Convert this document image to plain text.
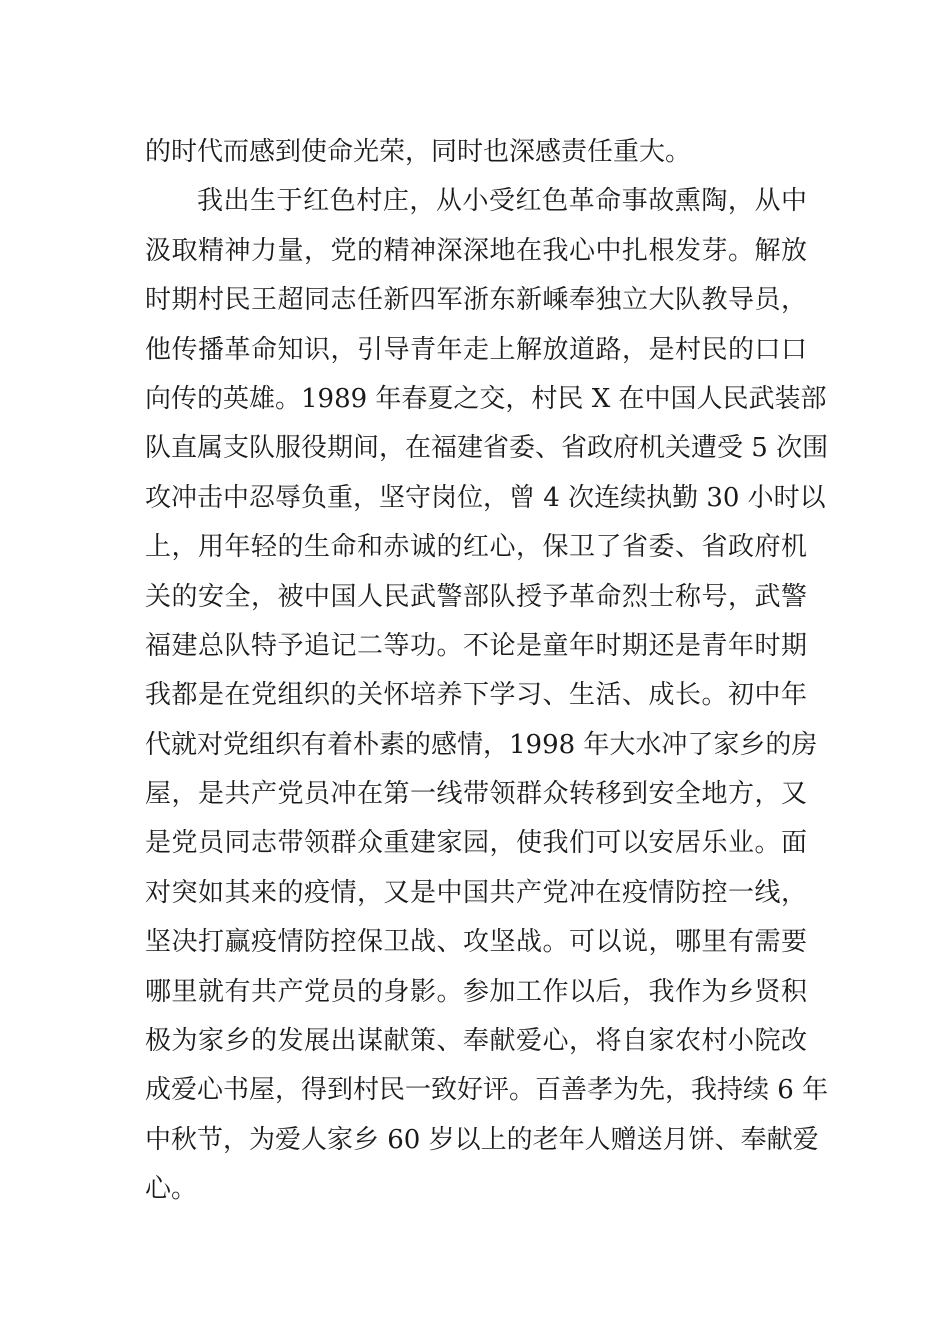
的时代而感到使命光荣，同时也深感责任重大。
我出生于红色村庄，从小受红色革命事故熏陶，从中
汲取精神力量，党的精神深深地在我心中扎根发芽。解放
时期村民王超同志任新四军浙东新嵊奉独立大队教导员，
他传播革命知识，引导青年走上解放道路，是村民的口口
向传的英雄。1989 年春夏之交，村民 X 在中国人民武装部
队直属支队服役期间，在福建省委、省政府机关遭受 5 次围
攻冲击中忍辱负重，坚守岗位，曾 4 次连续执勤 30 小时以
上，用年轻的生命和赤诚的红心，保卫了省委、省政府机
关的安全，被中国人民武警部队授予革命烈士称号，武警
福建总队特予追记二等功。不论是童年时期还是青年时期
我都是在党组织的关怀培养下学习、生活、成长。初中年
代就对党组织有着朴素的感情，1998 年大水冲了家乡的房
屋，是共产党员冲在第一线带领群众转移到安全地方，又
是党员同志带领群众重建家园，使我们可以安居乐业。面
对突如其来的疫情，又是中国共产党冲在疫情防控一线，
坚决打赢疫情防控保卫战、攻坚战。可以说，哪里有需要
哪里就有共产党员的身影。参加工作以后，我作为乡贤积
极为家乡的发展出谋献策、奉献爱心，将自家农村小院改
成爱心书屋，得到村民一致好评。百善孝为先，我持续 6 年
中秋节，为爱人家乡 60 岁以上的老年人赠送月饼、奉献爱
心。
